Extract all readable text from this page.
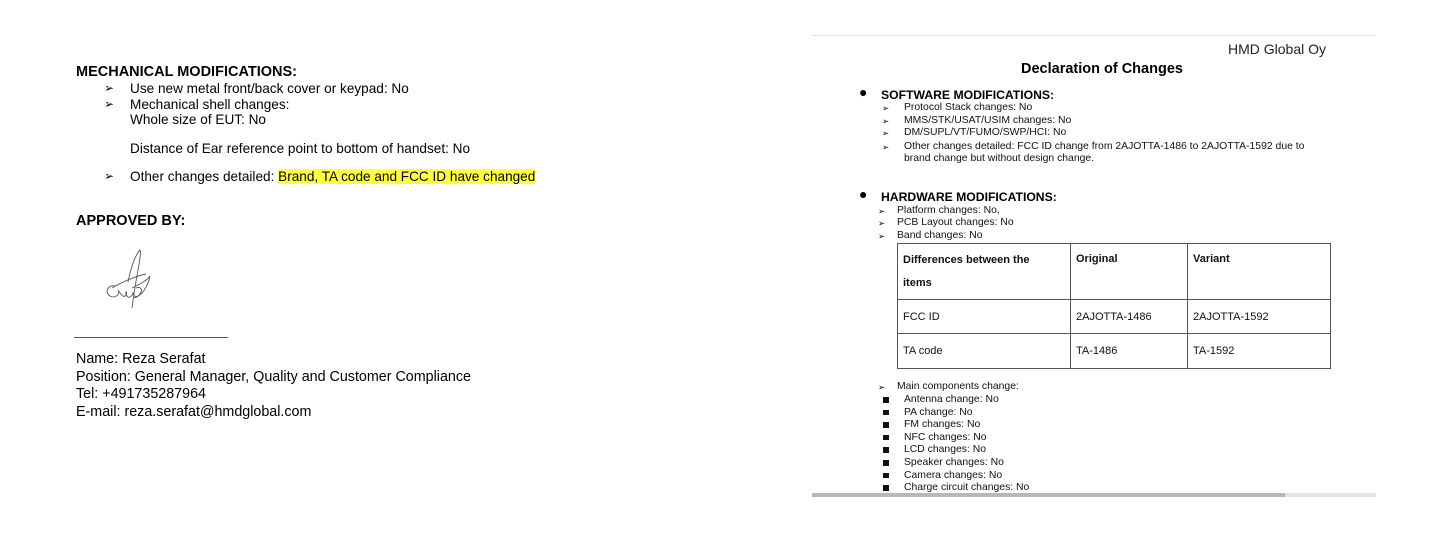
MECHANICAL MODIFICATIONS:
➢ Use new metal front/back cover or keypad: No
➢ Mechanical shell changes:
Whole size of EUT: No
Distance of Ear reference point to bottom of handset: No
➢ Other changes detailed: Brand, TA code and FCC ID have changed
APPROVED BY:
Name: Reza Serafat
Position: General Manager, Quality and Customer Compliance
Tel: +491735287964
E-mail: reza.serafat@hmdglobal.com
HMD Global Oy
Declaration of Changes
● SOFTWARE MODIFICATIONS:
➢ Protocol Stack changes: No
➢ MMS/STK/USAT/USIM changes: No
➢ DM/SUPL/VT/FUMO/SWP/HCI: No
➢ Other changes detailed: FCC ID change from 2AJOTTA-1486 to 2AJOTTA-1592 due to
brand change but without design change.
● HARDWARE MODIFICATIONS:
➢ Platform changes: No,
➢ PCB Layout changes: No
➢ Band changes: No
Differences between the
items	Original	Variant
FCC ID	2AJOTTA-1486	2AJOTTA-1592
TA code	TA-1486	TA-1592
➢ Main components change:
Antenna change: No
PA change: No
FM changes: No
NFC changes: No
LCD changes: No
Speaker changes: No
Camera changes: No
Charge circuit changes: No
